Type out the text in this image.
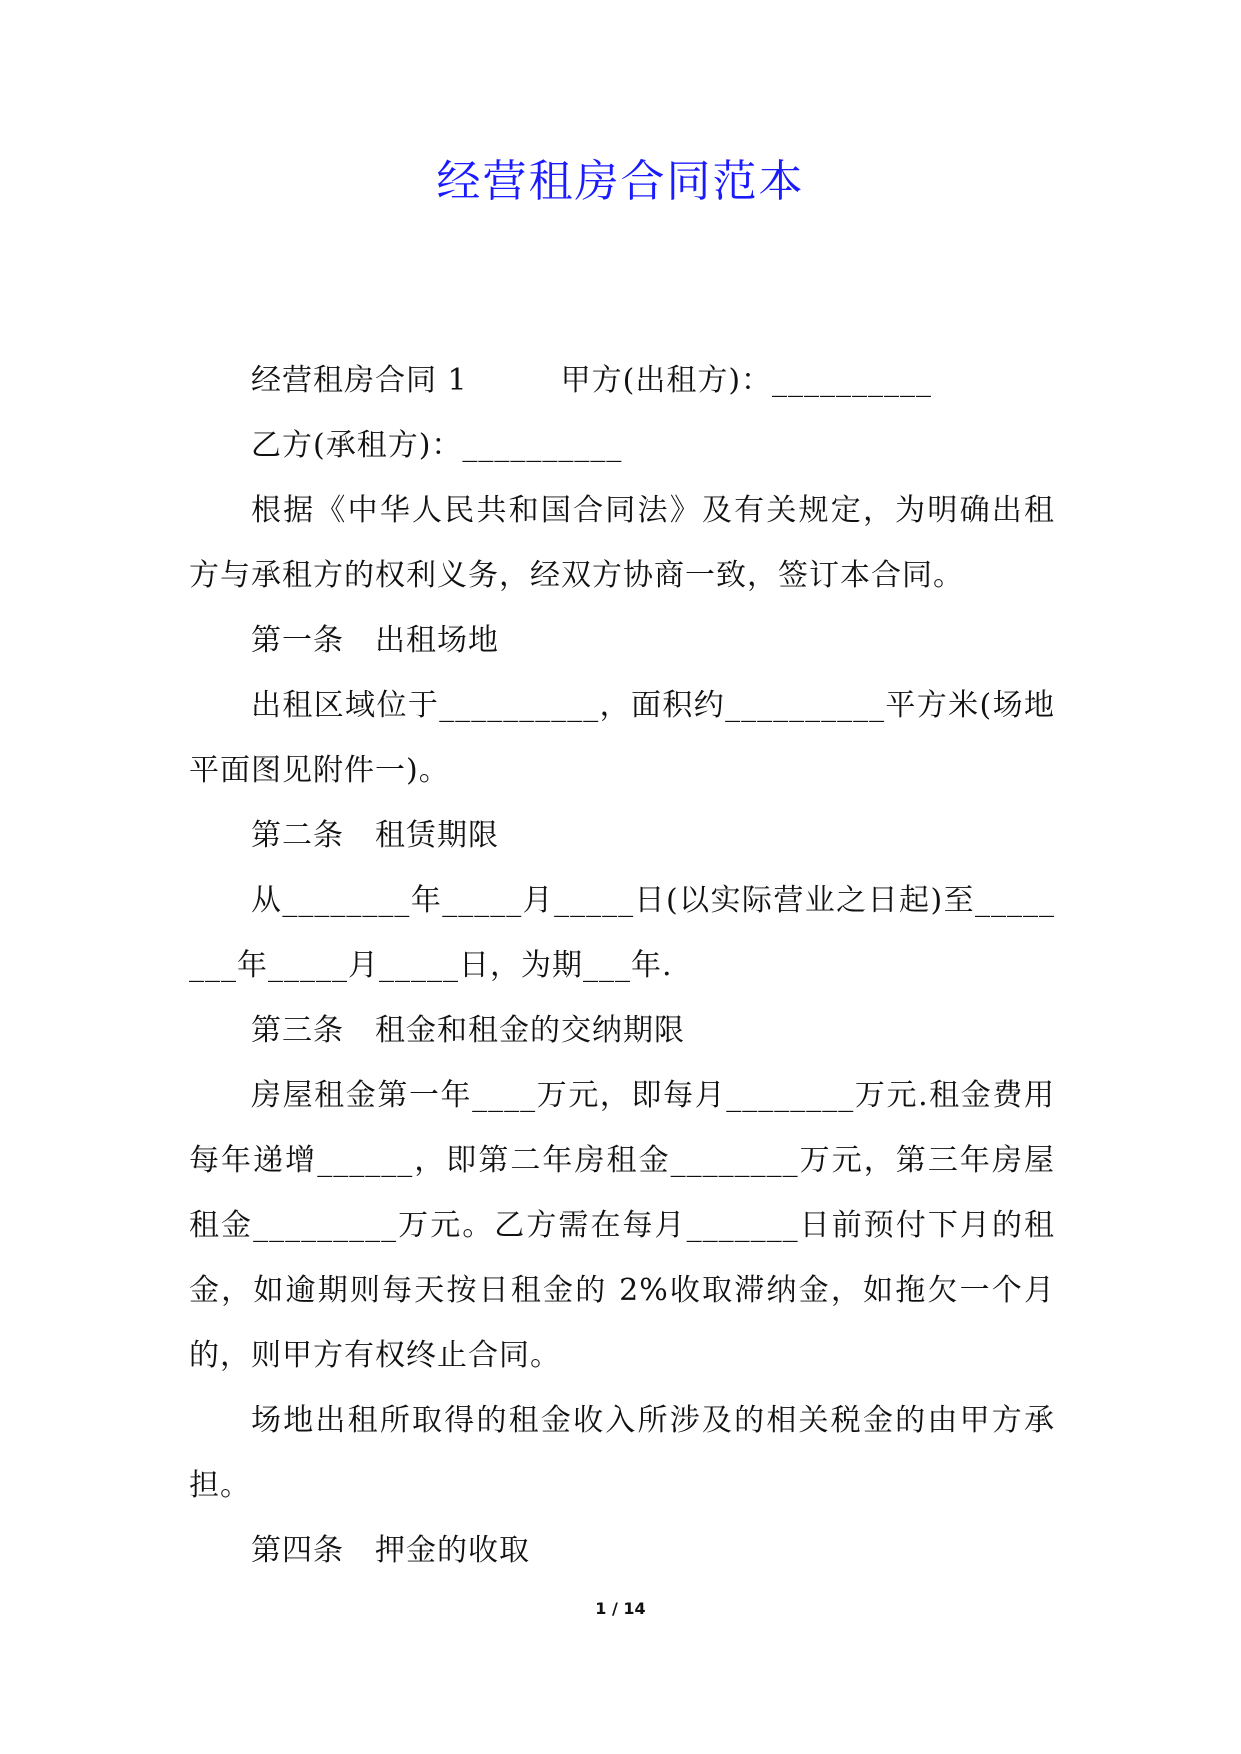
经营租房合同范本

经营租房合同 1　　　甲方(出租方)：__________

乙方(承租方)：__________

根据《中华人民共和国合同法》及有关规定，为明确出租方与承租方的权利义务，经双方协商一致，签订本合同。

第一条　出租场地

出租区域位于__________，面积约__________平方米(场地平面图见附件一)。

第二条　租赁期限

从________年_____月_____日(以实际营业之日起)至________年_____月_____日，为期___年.

第三条　租金和租金的交纳期限

房屋租金第一年____万元，即每月________万元.租金费用每年递增______，即第二年房租金________万元，第三年房屋租金_________万元。乙方需在每月_______日前预付下月的租金，如逾期则每天按日租金的 2%收取滞纳金，如拖欠一个月的，则甲方有权终止合同。

场地出租所取得的租金收入所涉及的相关税金的由甲方承担。

第四条　押金的收取

1 / 14
